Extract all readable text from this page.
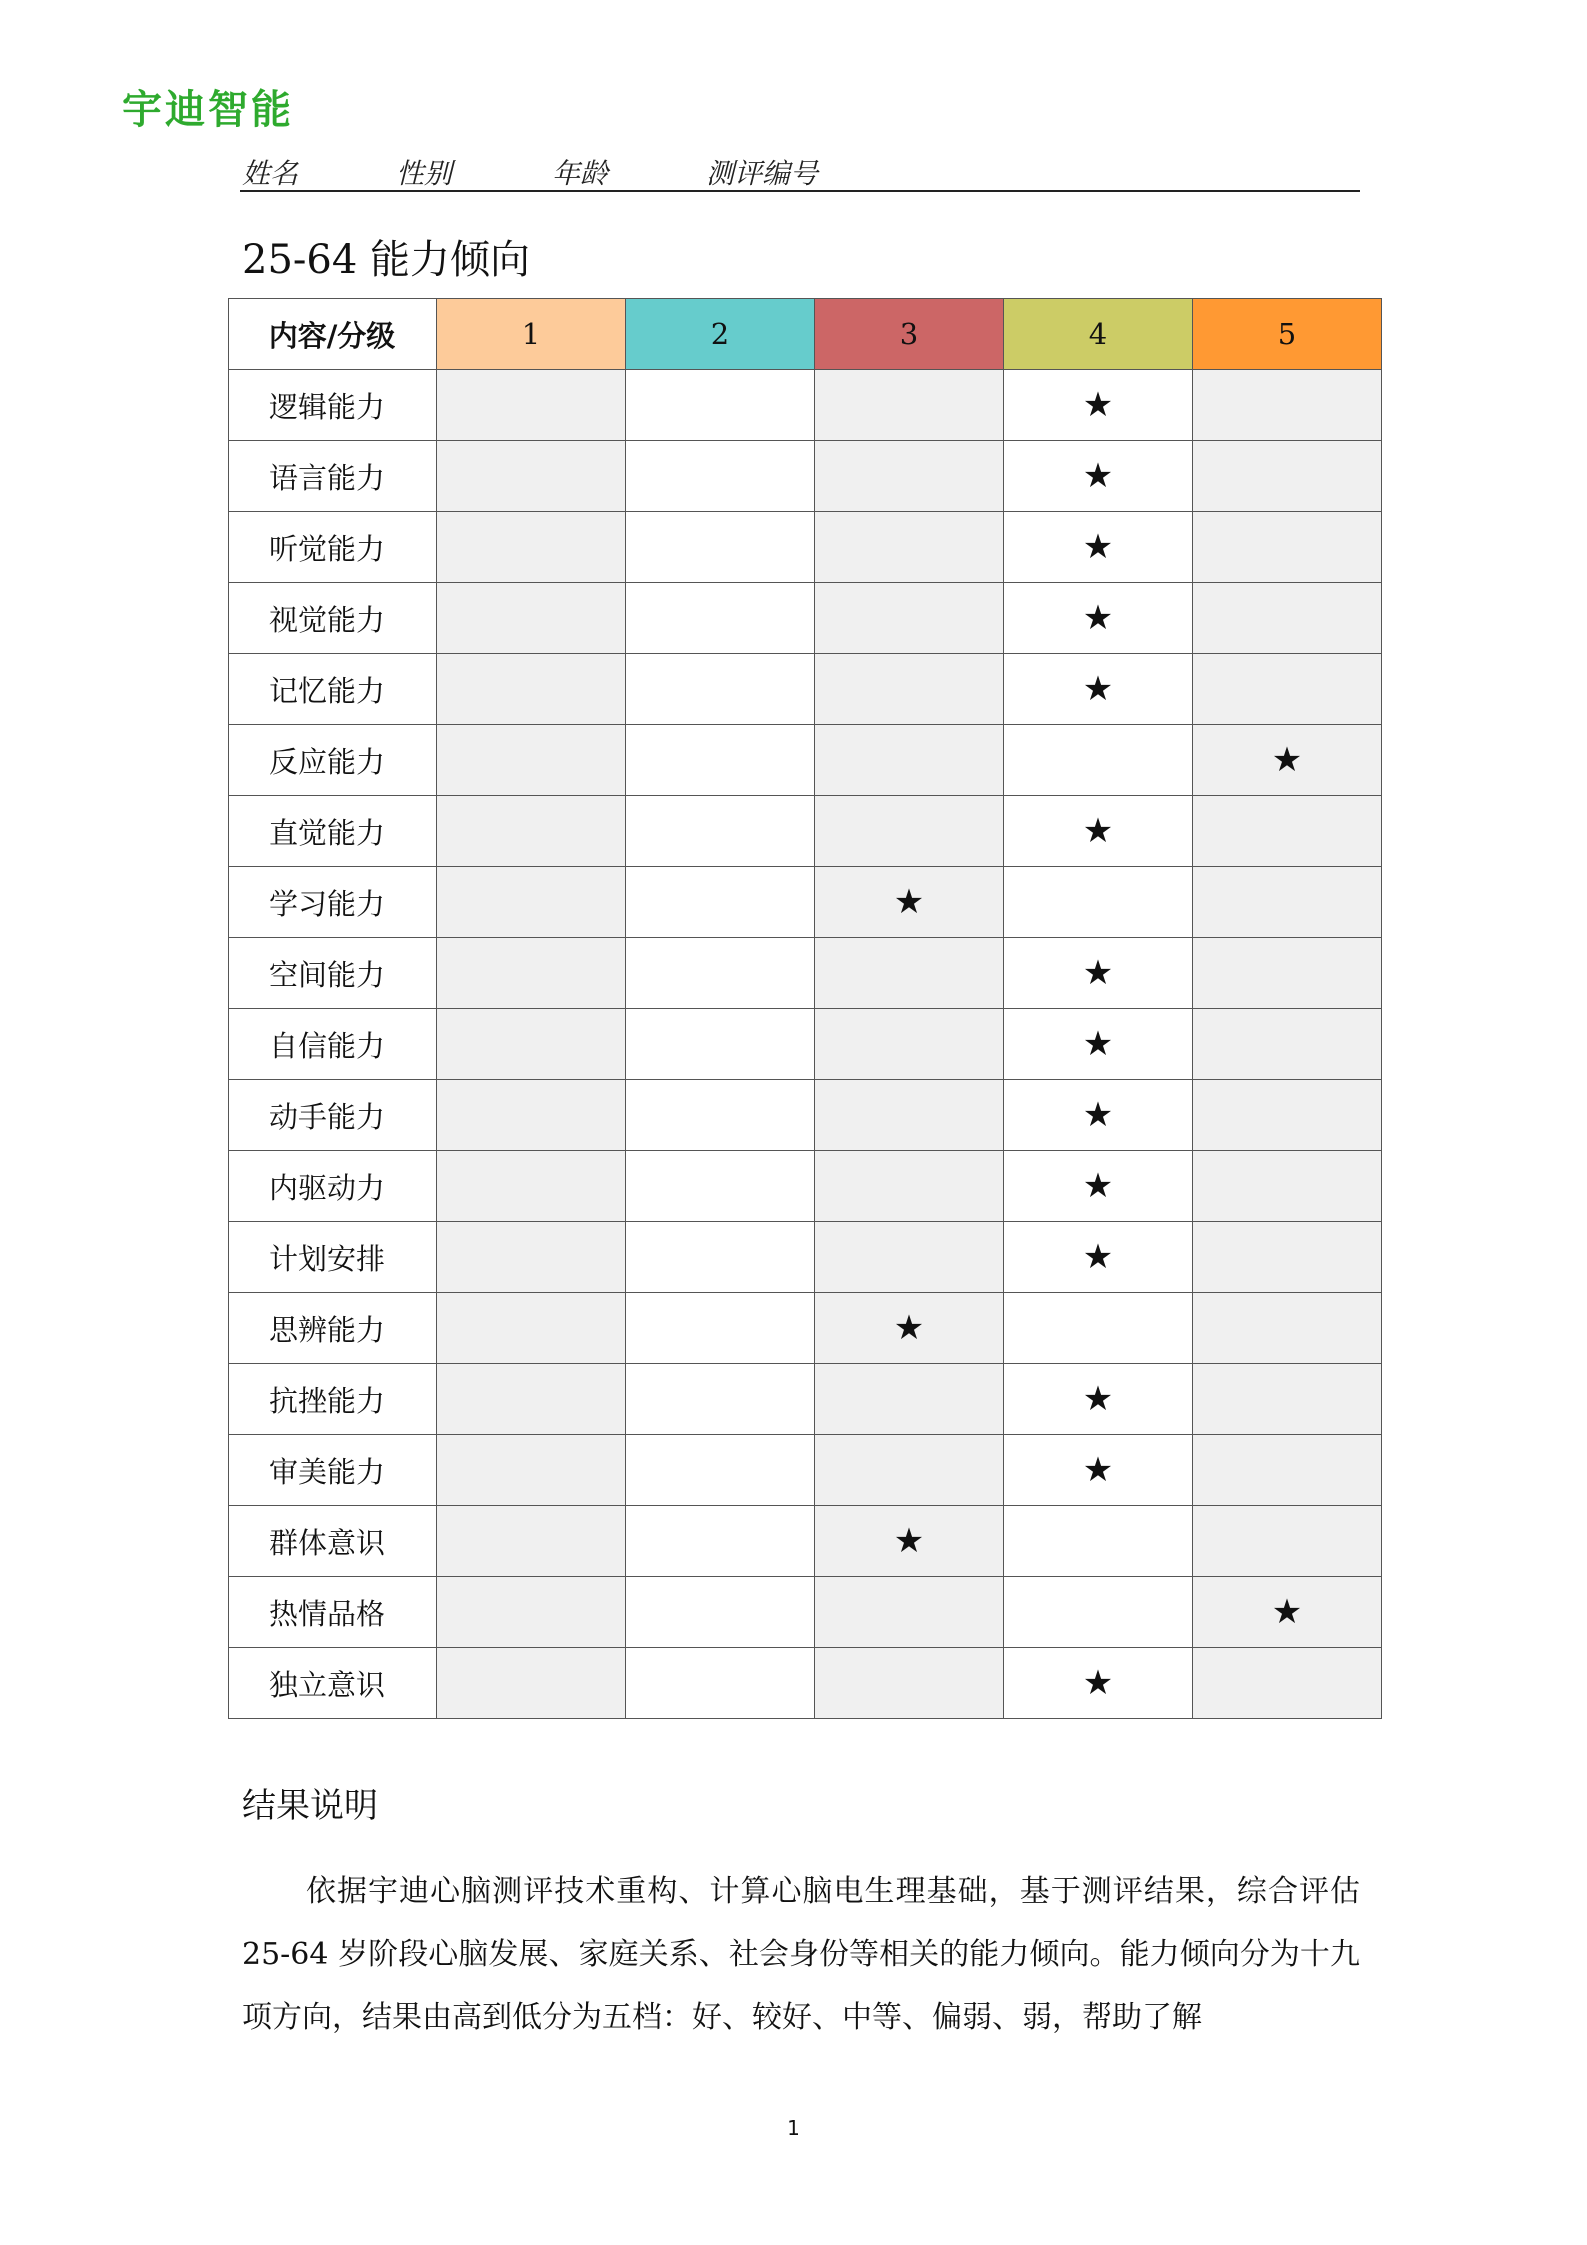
宇迪智能
姓名	性别	年龄	测评编号
25-64 能力倾向
内容/分级	1	2	3	4	5
逻辑能力				★	
语言能力				★	
听觉能力				★	
视觉能力				★	
记忆能力				★	
反应能力					★
直觉能力				★	
学习能力			★		
空间能力				★	
自信能力				★	
动手能力				★	
内驱动力				★	
计划安排				★	
思辨能力			★		
抗挫能力				★	
审美能力				★	
群体意识			★		
热情品格					★
独立意识				★	
结果说明
依据宇迪心脑测评技术重构、计算心脑电生理基础，基于测评结果，综合评估 25-64 岁阶段心脑发展、家庭关系、社会身份等相关的能力倾向。能力倾向分为十九项方向，结果由高到低分为五档：好、较好、中等、偏弱、弱，帮助了解
1
